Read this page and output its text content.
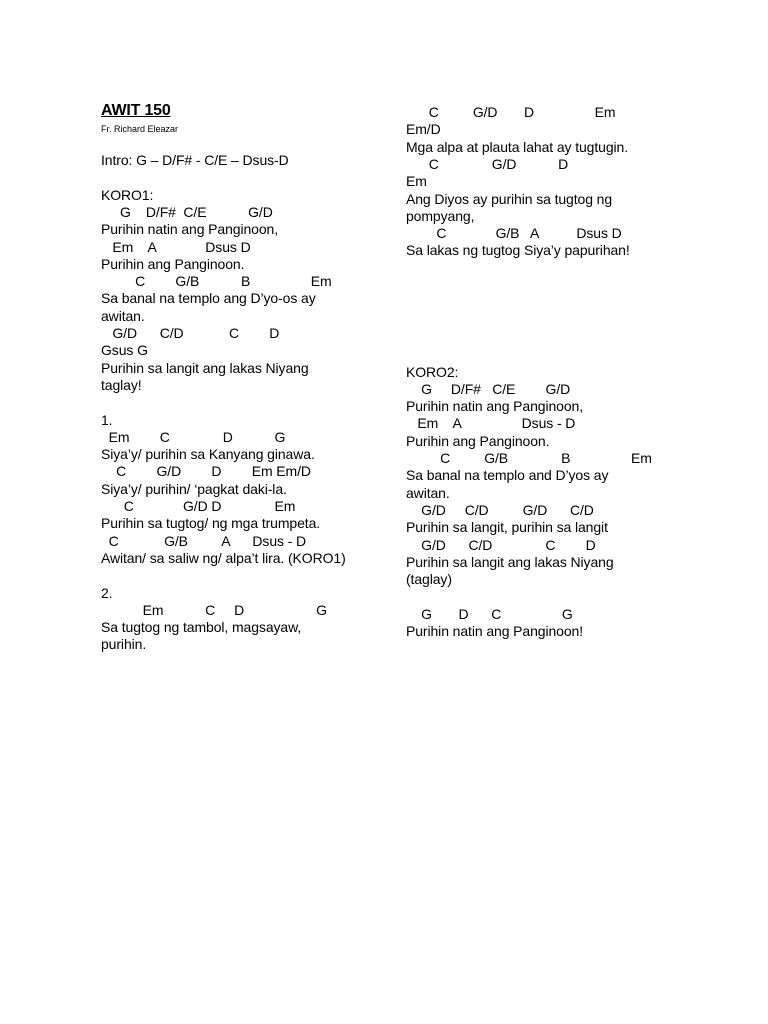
AWIT 150
Fr. Richard Eleazar
Intro: G – D/F# - C/E – Dsus-D
KORO1:
G    D/F#  C/E           G/D
Purihin natin ang Panginoon,
Em    A             Dsus D
Purihin ang Panginoon.
C        G/B           B                Em
Sa banal na templo ang D’yo-os ay
awitan.
G/D      C/D            C        D
Gsus G
Purihin sa langit ang lakas Niyang
taglay!
1.
Em        C              D           G
Siya’y/ purihin sa Kanyang ginawa.
C        G/D        D        Em Em/D
Siya’y/ purihin/ ‘pagkat daki-la.
C             G/D D              Em
Purihin sa tugtog/ ng mga trumpeta.
C            G/B         A      Dsus - D
Awitan/ sa saliw ng/ alpa’t lira. (KORO1)
2.
Em           C     D                   G
Sa tugtog ng tambol, magsayaw,
purihin.
C         G/D       D                Em
Em/D
Mga alpa at plauta lahat ay tugtugin.
C              G/D           D
Em
Ang Diyos ay purihin sa tugtog ng
pompyang,
C             G/B   A          Dsus D
Sa lakas ng tugtog Siya’y papurihan!
KORO2:
G     D/F#   C/E        G/D
Purihin natin ang Panginoon,
Em    A                Dsus - D
Purihin ang Panginoon.
C         G/B              B                Em
Sa banal na templo and D’yos ay
awitan.
G/D     C/D         G/D      C/D
Purihin sa langit, purihin sa langit
G/D      C/D              C        D
Purihin sa langit ang lakas Niyang
(taglay)
G       D      C                G
Purihin natin ang Panginoon!
